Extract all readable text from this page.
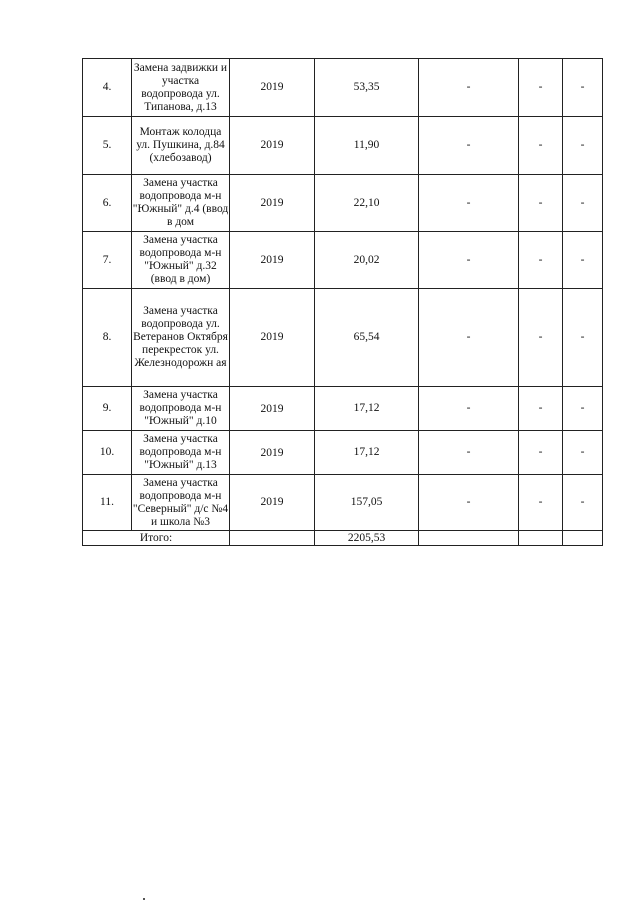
4.	Замена задвижки и участка водопровода ул. Типанова, д.13	2019	53,35	-	-	-
5.	Монтаж колодца ул. Пушкина, д.84 (хлебозавод)	2019	11,90	-	-	-
6.	Замена участка водопровода м-н "Южный" д.4 (ввод в дом	2019	22,10	-	-	-
7.	Замена участка водопровода м-н "Южный" д.32 (ввод в дом)	2019	20,02	-	-	-
8.	Замена участка водопровода ул. Ветеранов Октября перекресток ул. Железнодорожн ая	2019	65,54	-	-	-
9.	Замена участка водопровода м-н "Южный" д.10	2019	17,12	-	-	-
10.	Замена участка водопровода м-н "Южный" д.13	2019	17,12	-	-	-
11.	Замена участка водопровода м-н "Северный" д/с №4 и школа №3	2019	157,05	-	-	-
Итого:			2205,53			
